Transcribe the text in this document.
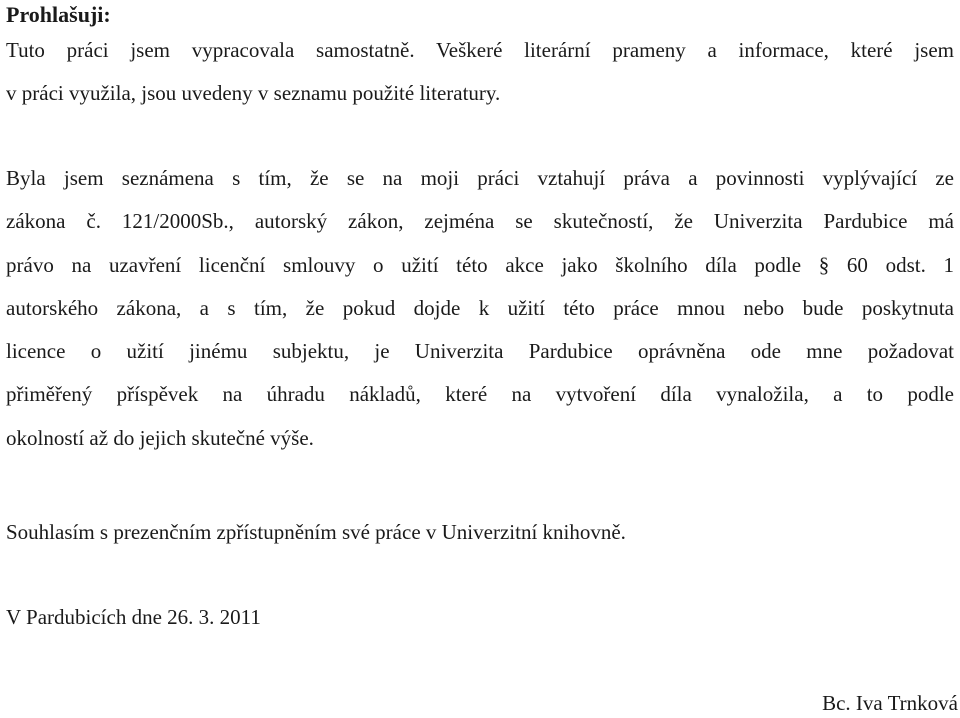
Prohlašuji:

Tuto práci jsem vypracovala samostatně. Veškeré literární prameny a informace, které jsem
v práci využila, jsou uvedeny v seznamu použité literatury.

Byla jsem seznámena s tím, že se na moji práci vztahují práva a povinnosti vyplývající ze
zákona č. 121/2000Sb., autorský zákon, zejména se skutečností, že Univerzita Pardubice má
právo na uzavření licenční smlouvy o užití této akce jako školního díla podle § 60 odst. 1
autorského zákona, a s tím, že pokud dojde k užití této práce mnou nebo bude poskytnuta
licence o užití jinému subjektu, je Univerzita Pardubice oprávněna ode mne požadovat
přiměřený příspěvek na úhradu nákladů, které na vytvoření díla vynaložila, a to podle
okolností až do jejich skutečné výše.

Souhlasím s prezenčním zpřístupněním své práce v Univerzitní knihovně.

V Pardubicích dne 26. 3. 2011

Bc. Iva Trnková
